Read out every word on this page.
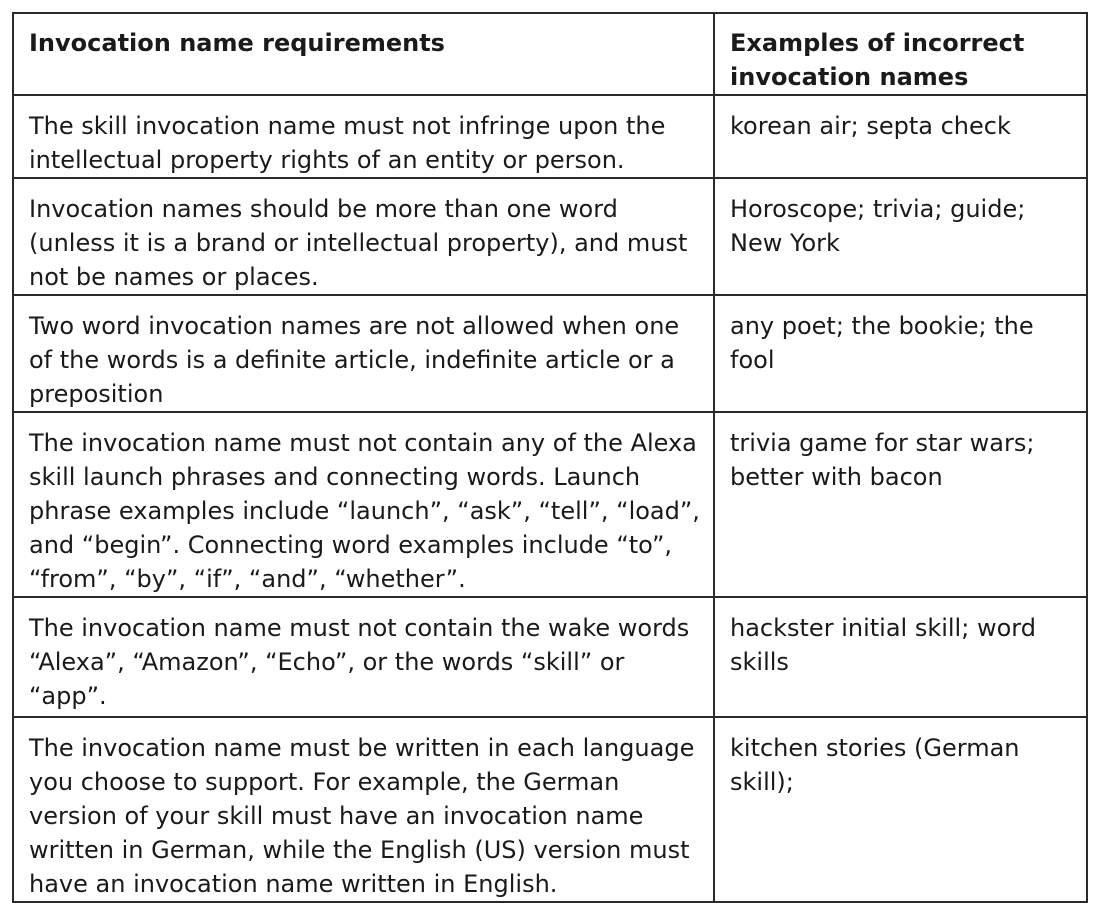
Invocation name requirements	Examples of incorrect invocation names
The skill invocation name must not infringe upon the intellectual property rights of an entity or person.	korean air; septa check
Invocation names should be more than one word (unless it is a brand or intellectual property), and must not be names or places.	Horoscope; trivia; guide; New York
Two word invocation names are not allowed when one of the words is a definite article, indefinite article or a preposition	any poet; the bookie; the fool
The invocation name must not contain any of the Alexa skill launch phrases and connecting words. Launch phrase examples include “launch”, “ask”, “tell”, “load”, and “begin”. Connecting word examples include “to”, “from”, “by”, “if”, “and”, “whether”.	trivia game for star wars; better with bacon
The invocation name must not contain the wake words “Alexa”, “Amazon”, “Echo”, or the words “skill” or “app”.	hackster initial skill; word skills
The invocation name must be written in each language you choose to support. For example, the German version of your skill must have an invocation name written in German, while the English (US) version must have an invocation name written in English.	kitchen stories (German skill);
